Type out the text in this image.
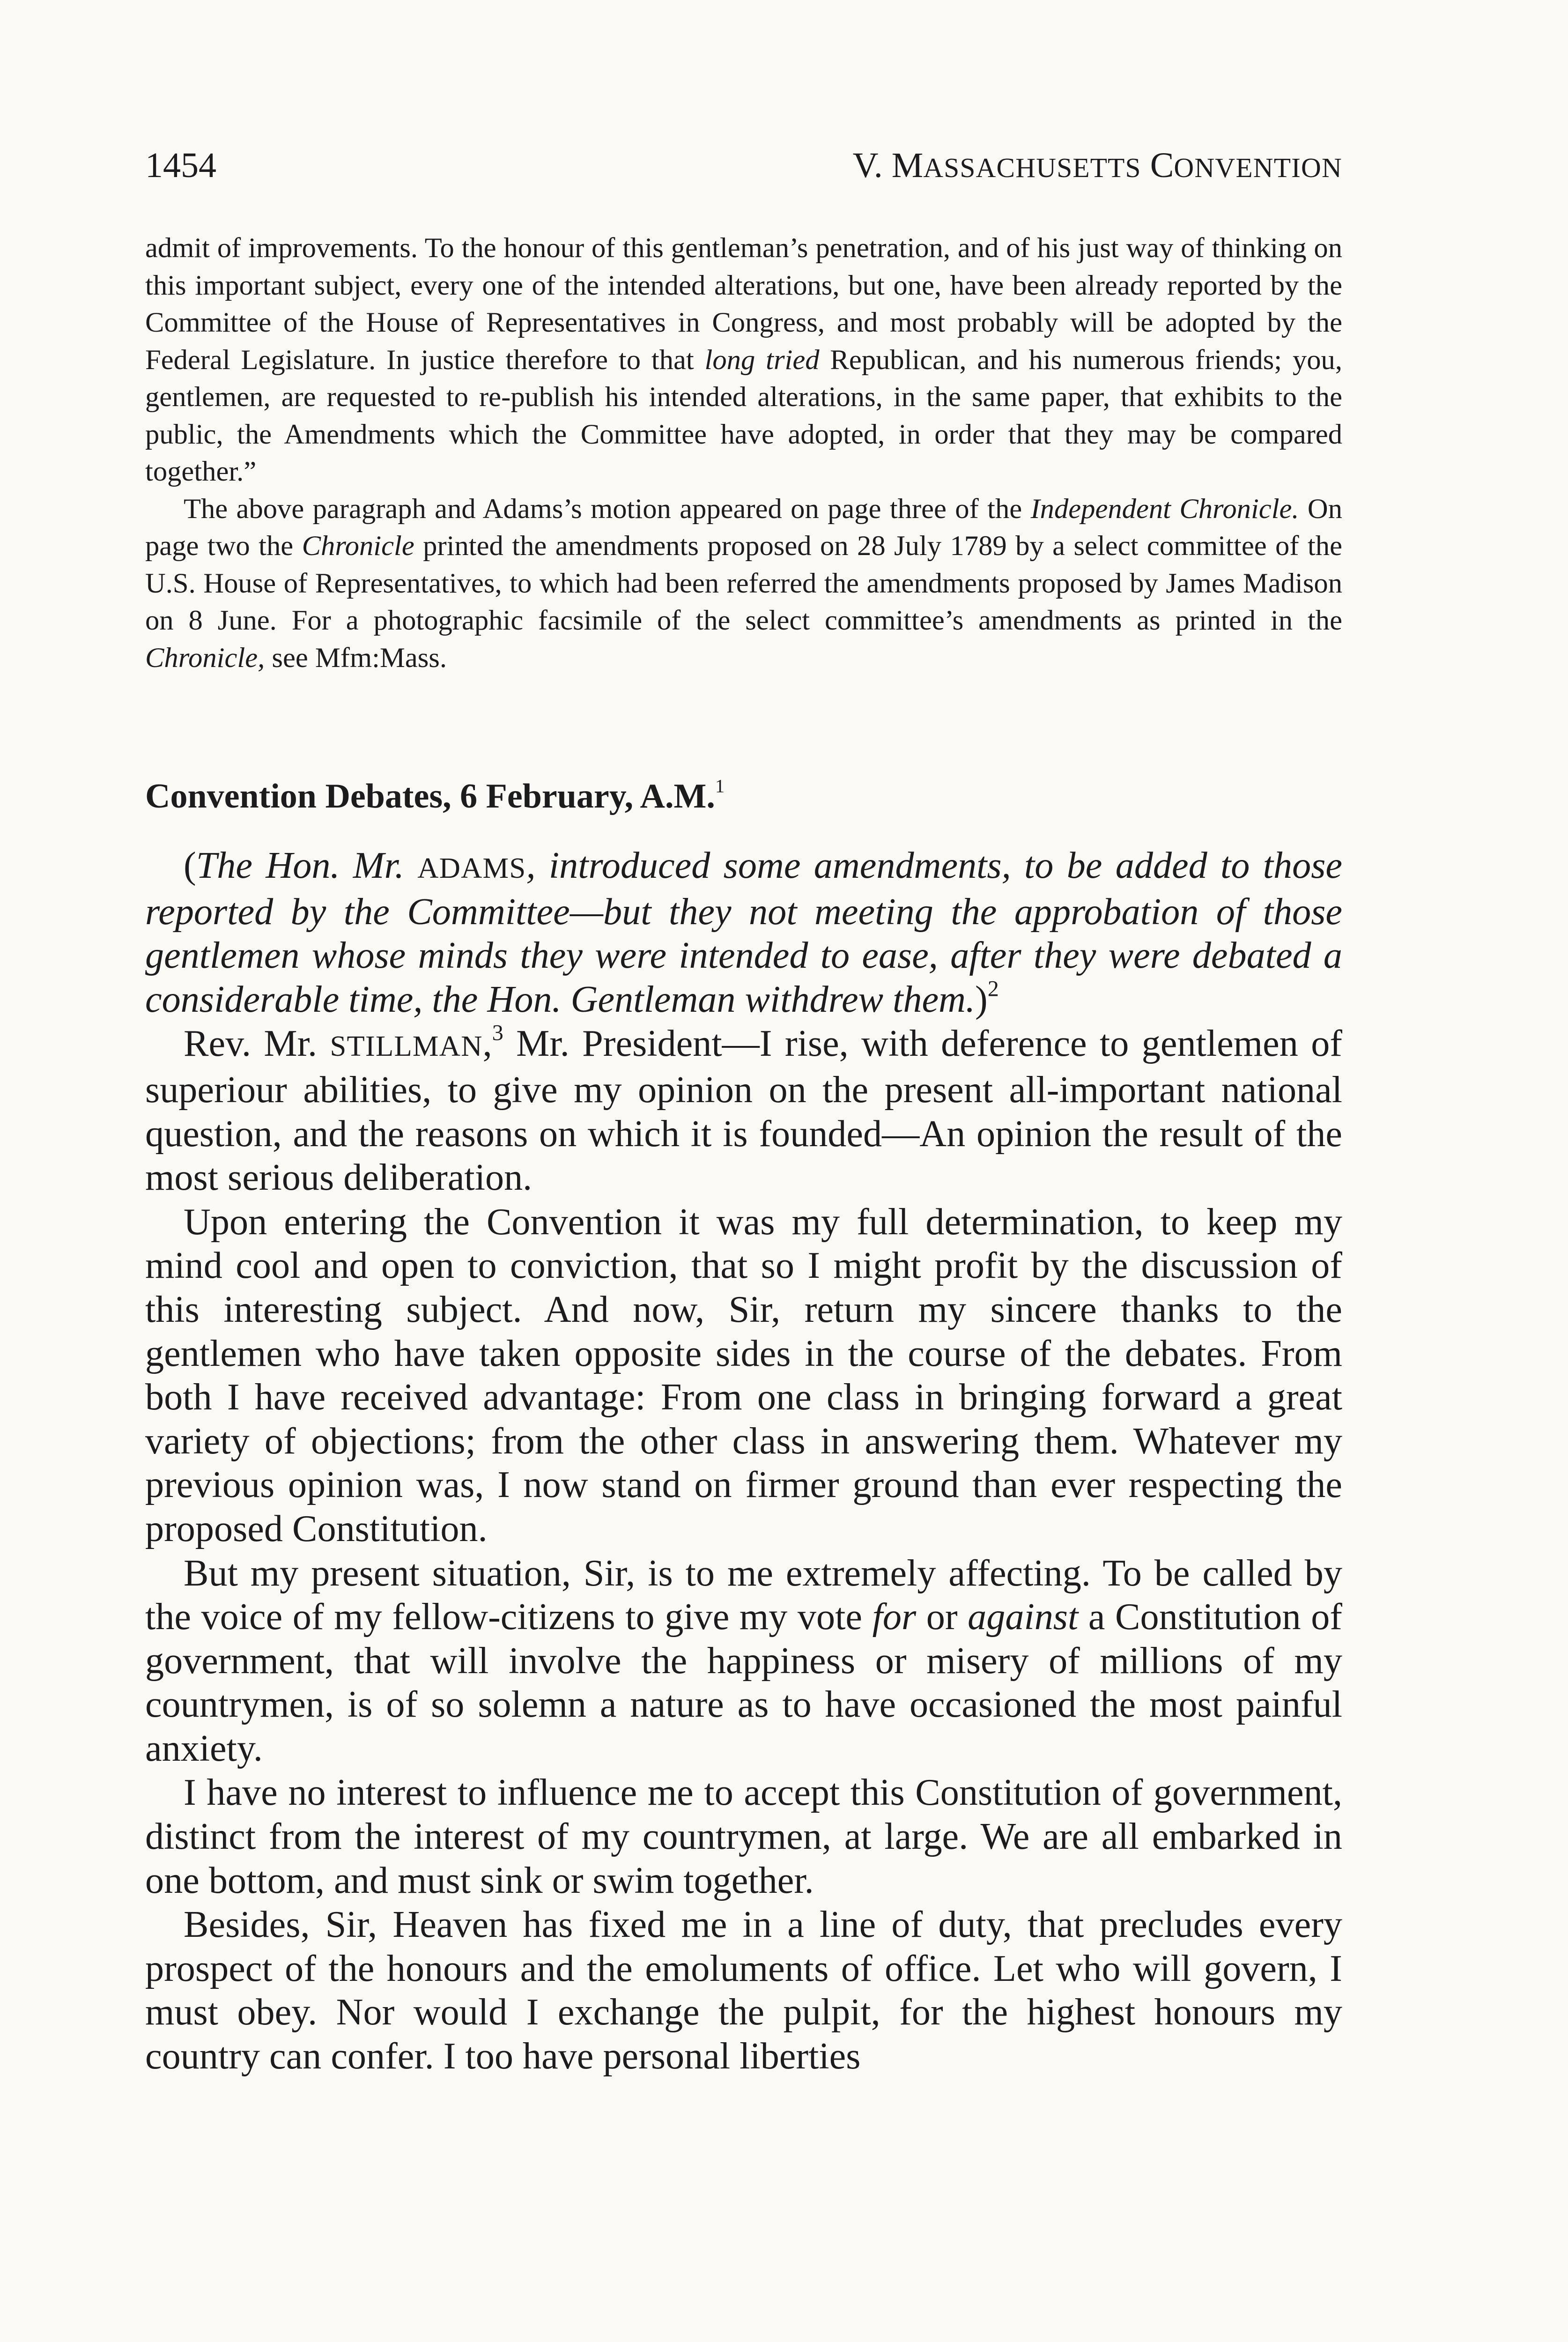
1454	V. MASSACHUSETTS CONVENTION

admit of improvements. To the honour of this gentleman’s penetration, and of his just way of thinking on this important subject, every one of the intended alterations, but one, have been already reported by the Committee of the House of Representatives in Congress, and most probably will be adopted by the Federal Legislature. In justice therefore to that long tried Republican, and his numerous friends; you, gentlemen, are requested to re-publish his intended alterations, in the same paper, that exhibits to the public, the Amendments which the Committee have adopted, in order that they may be compared together.”

The above paragraph and Adams’s motion appeared on page three of the Independent Chronicle. On page two the Chronicle printed the amendments proposed on 28 July 1789 by a select committee of the U.S. House of Representatives, to which had been referred the amendments proposed by James Madison on 8 June. For a photographic facsimile of the select committee’s amendments as printed in the Chronicle, see Mfm:Mass.

Convention Debates, 6 February, A.M.$^1$

(The Hon. Mr. ADAMS, introduced some amendments, to be added to those reported by the Committee—but they not meeting the approbation of those gentlemen whose minds they were intended to ease, after they were debated a considerable time, the Hon. Gentleman withdrew them.)$^2$

Rev. Mr. STILLMAN,$^3$ Mr. President—I rise, with deference to gentlemen of superiour abilities, to give my opinion on the present all-important national question, and the reasons on which it is founded—An opinion the result of the most serious deliberation.

Upon entering the Convention it was my full determination, to keep my mind cool and open to conviction, that so I might profit by the discussion of this interesting subject. And now, Sir, return my sincere thanks to the gentlemen who have taken opposite sides in the course of the debates. From both I have received advantage: From one class in bringing forward a great variety of objections; from the other class in answering them. Whatever my previous opinion was, I now stand on firmer ground than ever respecting the proposed Constitution.

But my present situation, Sir, is to me extremely affecting. To be called by the voice of my fellow-citizens to give my vote for or against a Constitution of government, that will involve the happiness or misery of millions of my countrymen, is of so solemn a nature as to have occasioned the most painful anxiety.

I have no interest to influence me to accept this Constitution of government, distinct from the interest of my countrymen, at large. We are all embarked in one bottom, and must sink or swim together.

Besides, Sir, Heaven has fixed me in a line of duty, that precludes every prospect of the honours and the emoluments of office. Let who will govern, I must obey. Nor would I exchange the pulpit, for the highest honours my country can confer. I too have personal liberties
